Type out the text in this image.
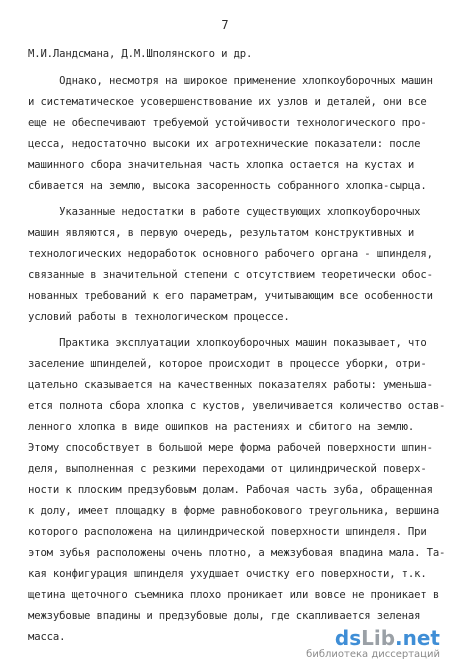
7
М.И.Ландсмана, Д.М.Шполянского и др.
Однако, несмотря на широкое применение хлопкоуборочных машин
и систематическое усовершенствование их узлов и деталей, они все
еще не обеспечивают требуемой устойчивости технологического про-
цесса, недостаточно высоки их агротехнические показатели: после
машинного сбора значительная часть хлопка остается на кустах и
сбивается на землю, высока засоренность собранного хлопка-сырца.
Указанные недостатки в работе существующих хлопкоуборочных
машин являются, в первую очередь, результатом конструктивных и
технологических недоработок основного рабочего органа - шпинделя,
связанные в значительной степени с отсутствием теоретически обос-
нованных требований к его параметрам, учитывающим все особенности
условий работы в технологическом процессе.
Практика эксплуатации хлопкоуборочных машин показывает, что
заселение шпинделей, которое происходит в процессе уборки, отри-
цательно сказывается на качественных показателях работы: уменьша-
ется полнота сбора хлопка с кустов, увеличивается количество остав-
ленного хлопка в виде ошипков на растениях и сбитого на землю.
Этому способствует в большой мере форма рабочей поверхности шпин-
деля, выполненная с резкими переходами от цилиндрической поверх-
ности к плоским предзубовым долам. Рабочая часть зуба, обращенная
к долу, имеет площадку в форме равнобокового треугольника, вершина
которого расположена на цилиндрической поверхности шпинделя. При
этом зубья расположены очень плотно, а межзубовая впадина мала. Та-
кая конфигурация шпинделя ухудшает очистку его поверхности, т.к.
щетина щеточного съемника плохо проникает или вовсе не проникает в
межзубовые впадины и предзубовые долы, где скапливается зеленая
масса.	dsLib.net
библиотека диссертаций
